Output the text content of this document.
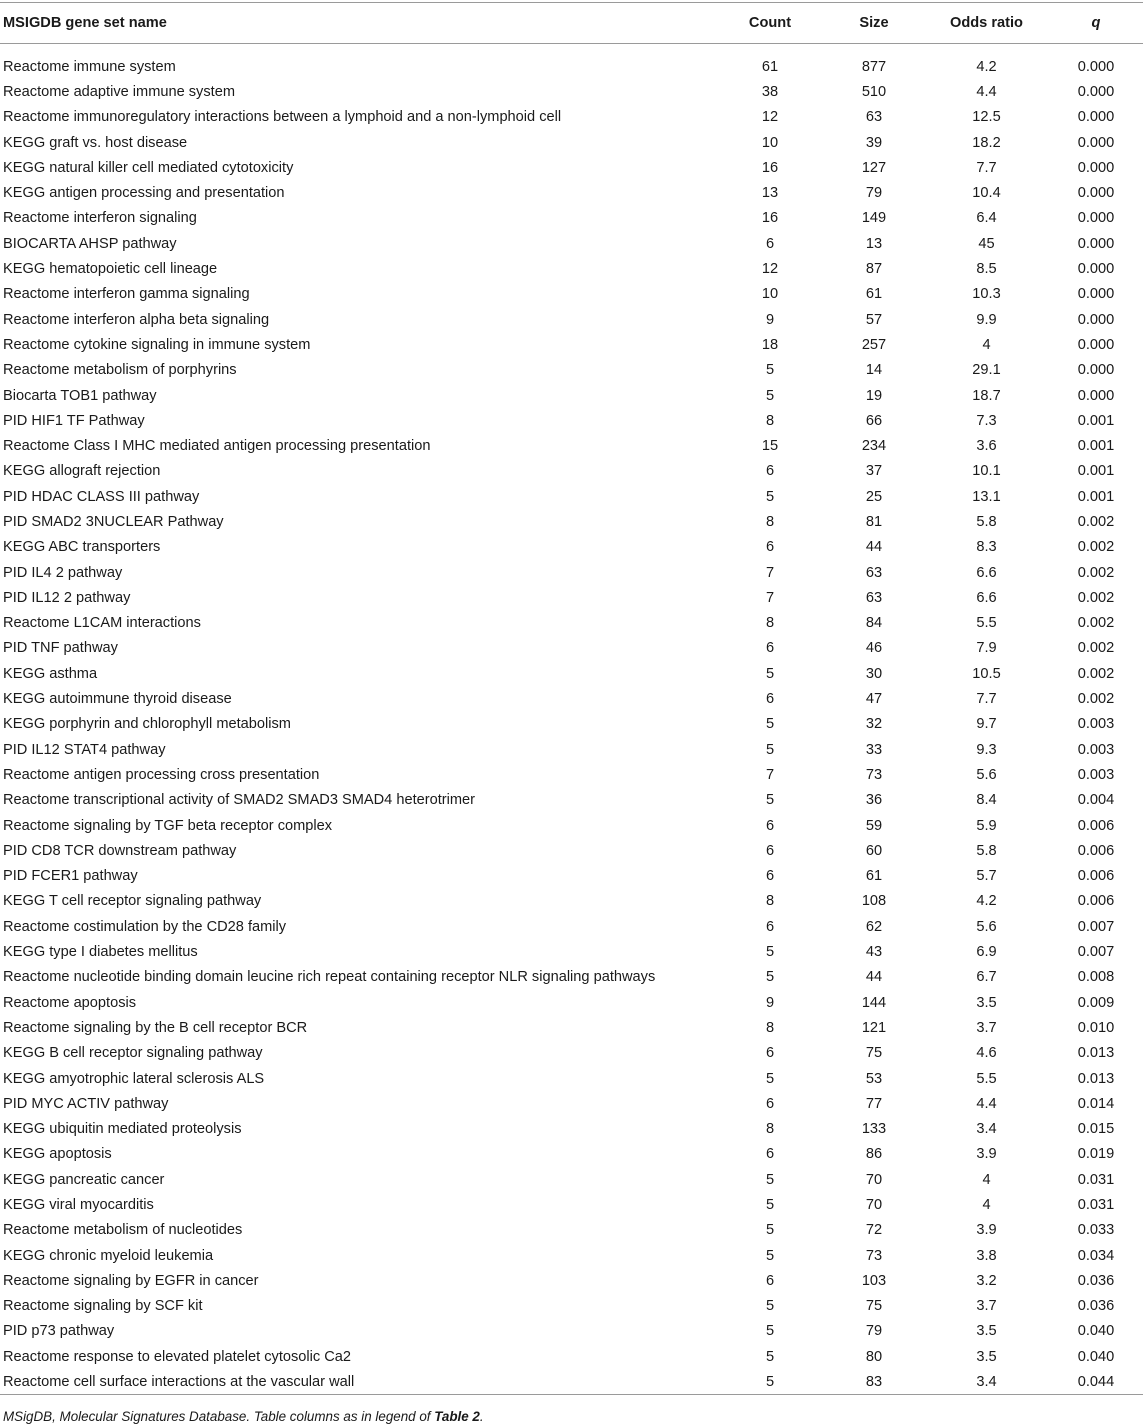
MSIGDB gene set name	Count	Size	Odds ratio	q

Reactome immune system	61	877	4.2	0.000
Reactome adaptive immune system	38	510	4.4	0.000
Reactome immunoregulatory interactions between a lymphoid and a non-lymphoid cell	12	63	12.5	0.000
KEGG graft vs. host disease	10	39	18.2	0.000
KEGG natural killer cell mediated cytotoxicity	16	127	7.7	0.000
KEGG antigen processing and presentation	13	79	10.4	0.000
Reactome interferon signaling	16	149	6.4	0.000
BIOCARTA AHSP pathway	6	13	45	0.000
KEGG hematopoietic cell lineage	12	87	8.5	0.000
Reactome interferon gamma signaling	10	61	10.3	0.000
Reactome interferon alpha beta signaling	9	57	9.9	0.000
Reactome cytokine signaling in immune system	18	257	4	0.000
Reactome metabolism of porphyrins	5	14	29.1	0.000
Biocarta TOB1 pathway	5	19	18.7	0.000
PID HIF1 TF Pathway	8	66	7.3	0.001
Reactome Class I MHC mediated antigen processing presentation	15	234	3.6	0.001
KEGG allograft rejection	6	37	10.1	0.001
PID HDAC CLASS III pathway	5	25	13.1	0.001
PID SMAD2 3NUCLEAR Pathway	8	81	5.8	0.002
KEGG ABC transporters	6	44	8.3	0.002
PID IL4 2 pathway	7	63	6.6	0.002
PID IL12 2 pathway	7	63	6.6	0.002
Reactome L1CAM interactions	8	84	5.5	0.002
PID TNF pathway	6	46	7.9	0.002
KEGG asthma	5	30	10.5	0.002
KEGG autoimmune thyroid disease	6	47	7.7	0.002
KEGG porphyrin and chlorophyll metabolism	5	32	9.7	0.003
PID IL12 STAT4 pathway	5	33	9.3	0.003
Reactome antigen processing cross presentation	7	73	5.6	0.003
Reactome transcriptional activity of SMAD2 SMAD3 SMAD4 heterotrimer	5	36	8.4	0.004
Reactome signaling by TGF beta receptor complex	6	59	5.9	0.006
PID CD8 TCR downstream pathway	6	60	5.8	0.006
PID FCER1 pathway	6	61	5.7	0.006
KEGG T cell receptor signaling pathway	8	108	4.2	0.006
Reactome costimulation by the CD28 family	6	62	5.6	0.007
KEGG type I diabetes mellitus	5	43	6.9	0.007
Reactome nucleotide binding domain leucine rich repeat containing receptor NLR signaling pathways	5	44	6.7	0.008
Reactome apoptosis	9	144	3.5	0.009
Reactome signaling by the B cell receptor BCR	8	121	3.7	0.010
KEGG B cell receptor signaling pathway	6	75	4.6	0.013
KEGG amyotrophic lateral sclerosis ALS	5	53	5.5	0.013
PID MYC ACTIV pathway	6	77	4.4	0.014
KEGG ubiquitin mediated proteolysis	8	133	3.4	0.015
KEGG apoptosis	6	86	3.9	0.019
KEGG pancreatic cancer	5	70	4	0.031
KEGG viral myocarditis	5	70	4	0.031
Reactome metabolism of nucleotides	5	72	3.9	0.033
KEGG chronic myeloid leukemia	5	73	3.8	0.034
Reactome signaling by EGFR in cancer	6	103	3.2	0.036
Reactome signaling by SCF kit	5	75	3.7	0.036
PID p73 pathway	5	79	3.5	0.040
Reactome response to elevated platelet cytosolic Ca2	5	80	3.5	0.040
Reactome cell surface interactions at the vascular wall	5	83	3.4	0.044
MSigDB, Molecular Signatures Database. Table columns as in legend of Table 2.
